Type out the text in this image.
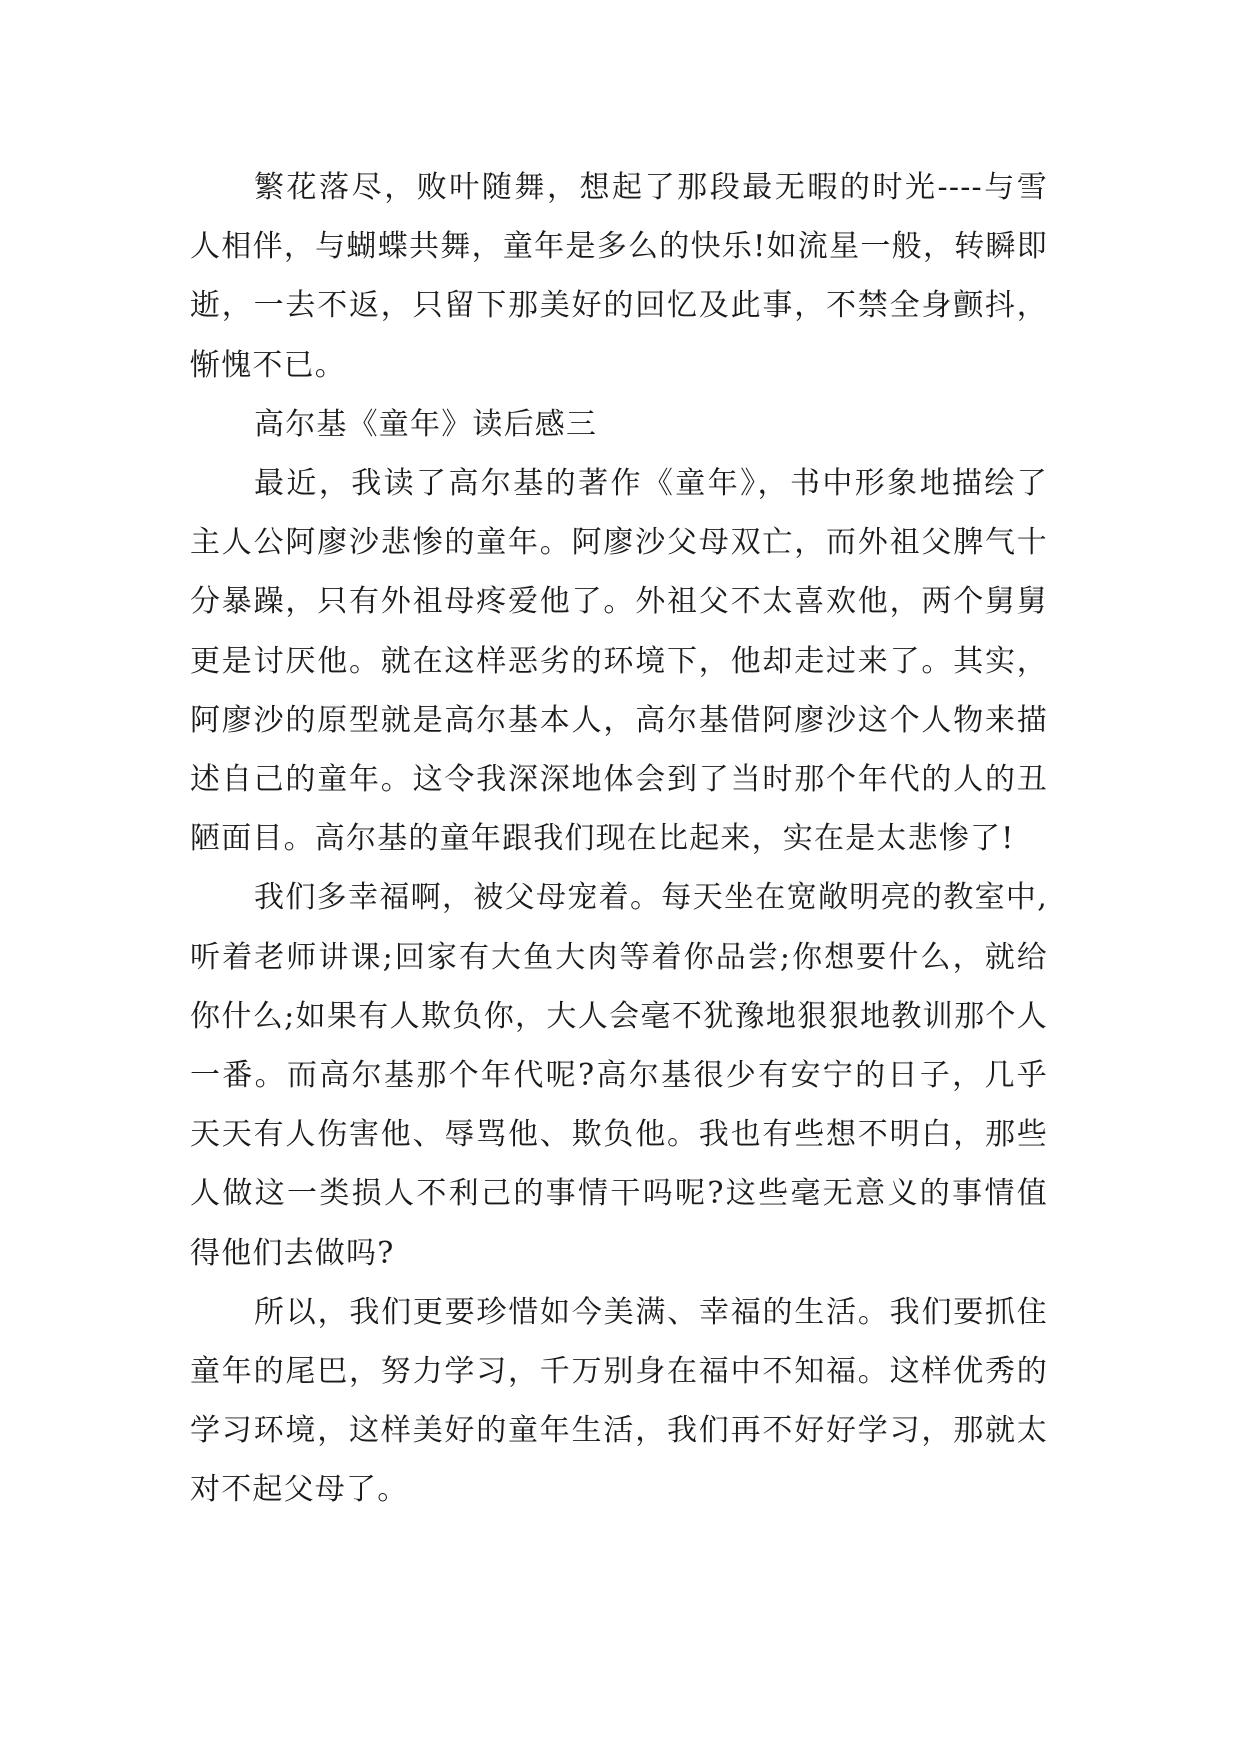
繁花落尽，败叶随舞，想起了那段最无暇的时光----与雪人相伴，与蝴蝶共舞，童年是多么的快乐!如流星一般，转瞬即逝，一去不返，只留下那美好的回忆及此事，不禁全身颤抖，惭愧不已。

高尔基《童年》读后感三

最近，我读了高尔基的著作《童年》，书中形象地描绘了主人公阿廖沙悲惨的童年。阿廖沙父母双亡，而外祖父脾气十分暴躁，只有外祖母疼爱他了。外祖父不太喜欢他，两个舅舅更是讨厌他。就在这样恶劣的环境下，他却走过来了。其实，阿廖沙的原型就是高尔基本人，高尔基借阿廖沙这个人物来描述自己的童年。这令我深深地体会到了当时那个年代的人的丑陋面目。高尔基的童年跟我们现在比起来，实在是太悲惨了!

我们多幸福啊，被父母宠着。每天坐在宽敞明亮的教室中,听着老师讲课;回家有大鱼大肉等着你品尝;你想要什么，就给你什么;如果有人欺负你，大人会毫不犹豫地狠狠地教训那个人一番。而高尔基那个年代呢?高尔基很少有安宁的日子，几乎天天有人伤害他、辱骂他、欺负他。我也有些想不明白，那些人做这一类损人不利己的事情干吗呢?这些毫无意义的事情值得他们去做吗?

所以，我们更要珍惜如今美满、幸福的生活。我们要抓住童年的尾巴，努力学习，千万别身在福中不知福。这样优秀的学习环境，这样美好的童年生活，我们再不好好学习，那就太对不起父母了。
